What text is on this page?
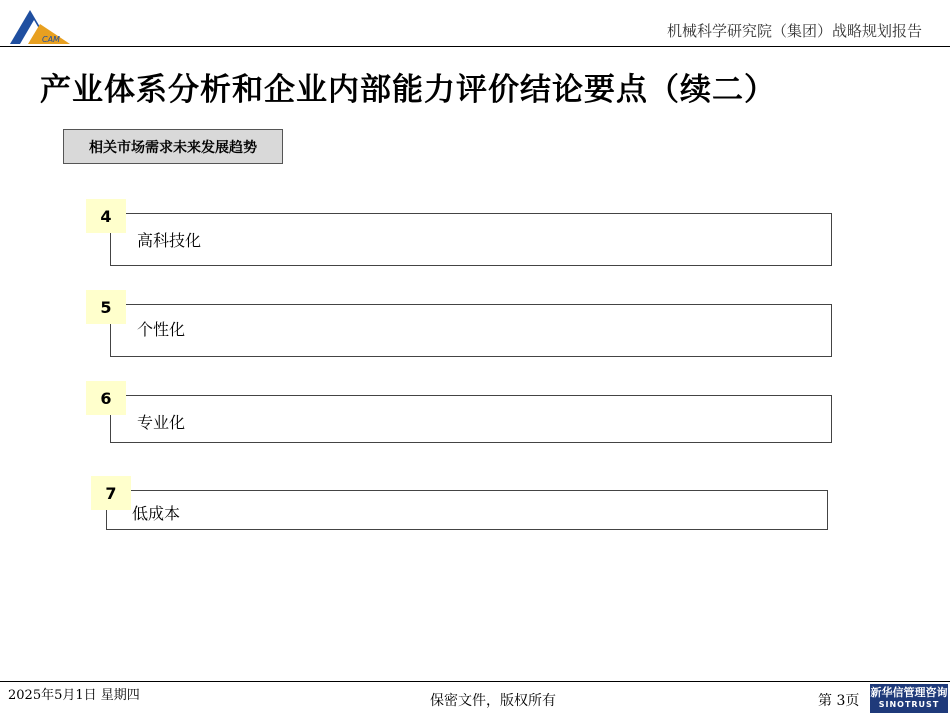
CAM	机械科学研究院（集团）战略规划报告
产业体系分析和企业内部能力评价结论要点（续二）
相关市场需求未来发展趋势
高科技化
4
个性化
5
专业化
6
低成本
7
2025年5月1日 星期四	保密文件，版权所有	第 3页
新华信管理咨询
SINOTRUST
